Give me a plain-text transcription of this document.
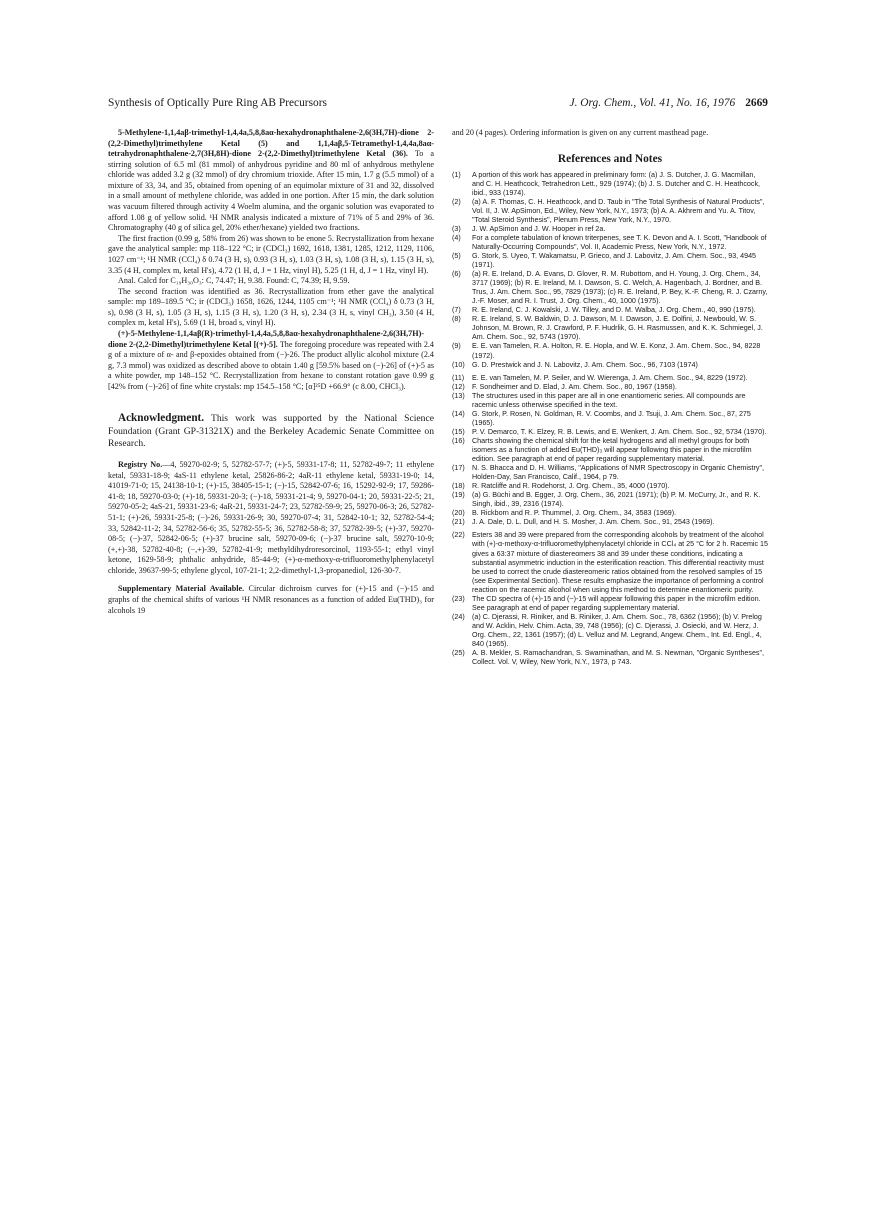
Synthesis of Optically Pure Ring AB Precursors	J. Org. Chem., Vol. 41, No. 16, 1976 2669

5-Methylene-1,1,4aβ-trimethyl-1,4,4a,5,8,8aα-hexahydronaphthalene-2,6(3H,7H)-dione 2-(2,2-Dimethyl)trimethylene Ketal (5) and 1,1,4aβ,5-Tetramethyl-1,4,4a,8aα-tetrahydronaphthalene-2,7(3H,8H)-dione 2-(2,2-Dimethyl)trimethylene Ketal (36). To a stirring solution of 6.5 ml (81 mmol) of anhydrous pyridine and 80 ml of anhydrous methylene chloride was added 3.2 g (32 mmol) of dry chromium trioxide. After 15 min, 1.7 g (5.5 mmol) of a mixture of 33, 34, and 35, obtained from opening of an equimolar mixture of 31 and 32, dissolved in a small amount of methylene chloride, was added in one portion. After 15 min, the dark solution was vacuum filtered through activity 4 Woelm alumina, and the organic solution was evaporated to afford 1.08 g of yellow solid. ¹H NMR analysis indicated a mixture of 71% of 5 and 29% of 36. Chromatography (40 g of silica gel, 20% ether/hexane) yielded two fractions.

The first fraction (0.99 g, 58% from 26) was shown to be enone 5. Recrystallization from hexane gave the analytical sample: mp 118–122 °C; ir (CDCl₃) 1692, 1618, 1381, 1285, 1212, 1129, 1106, 1027 cm⁻¹; ¹H NMR (CCl₄) δ 0.74 (3 H, s), 0.93 (3 H, s), 1.03 (3 H, s), 1.08 (3 H, s), 1.15 (3 H, s), 3.35 (4 H, complex m, ketal H's), 4.72 (1 H, d, J = 1 Hz, vinyl H), 5.25 (1 H, d, J = 1 Hz, vinyl H).

Anal. Calcd for C₁₉H₃₀O₃: C, 74.47; H, 9.38. Found: C, 74.39; H, 9.59.

The second fraction was identified as 36. Recrystallization from ether gave the analytical sample: mp 189–189.5 °C; ir (CDCl₃) 1658, 1626, 1244, 1105 cm⁻¹; ¹H NMR (CCl₄) δ 0.73 (3 H, s), 0.98 (3 H, s), 1.05 (3 H, s), 1.15 (3 H, s), 1.20 (3 H, s), 2.34 (3 H, s, vinyl CH₃), 3.50 (4 H, complex m, ketal H's), 5.69 (1 H, broad s, vinyl H).

(+)-5-Methylene-1,1,4aβ(R)-trimethyl-1,4,4a,5,8,8aα-hexahydronaphthalene-2,6(3H,7H)-dione 2-(2,2-Dimethyl)trimethylene Ketal [(+)-5]. The foregoing procedure was repeated with 2.4 g of a mixture of α- and β-epoxides obtained from (−)-26. The product allylic alcohol mixture (2.4 g, 7.3 mmol) was oxidized as described above to obtain 1.40 g [59.5% based on (−)-26] of (+)-5 as a white powder, mp 148–152 °C. Recrystallization from hexane to constant rotation gave 0.99 g [42% from (−)-26] of fine white crystals: mp 154.5–158 °C; [α]²⁵D +66.9° (c 8.00, CHCl₃).

Acknowledgment. This work was supported by the National Science Foundation (Grant GP-31321X) and the Berkeley Academic Senate Committee on Research.

Registry No.—4, 59270-02-9; 5, 52782-57-7; (+)-5, 59331-17-8; 11, 52782-49-7; 11 ethylene ketal, 59331-18-9; 4aS-11 ethylene ketal, 25826-86-2; 4aR-11 ethylene ketal, 59331-19-0; 14, 41019-71-0; 15, 24138-10-1; (+)-15, 38405-15-1; (−)-15, 52842-07-6; 16, 15292-92-9; 17, 59286-41-8; 18, 59270-03-0; (+)-18, 59331-20-3; (−)-18, 59331-21-4; 9, 59270-04-1; 20, 59331-22-5; 21, 59270-05-2; 4aS-21, 59331-23-6; 4aR-21, 59331-24-7; 23, 52782-59-9; 25, 59270-06-3; 26, 52782-51-1; (+)-26, 59331-25-8; (−)-26, 59331-26-9; 30, 59270-07-4; 31, 52842-10-1; 32, 52782-54-4; 33, 52842-11-2; 34, 52782-56-6; 35, 52782-55-5; 36, 52782-58-8; 37, 52782-39-5; (+)-37, 59270-08-5; (−)-37, 52842-06-5; (+)-37 brucine salt, 59270-09-6; (−)-37 brucine salt, 59270-10-9; (+,+)-38, 52782-40-8; (−,+)-39, 52782-41-9; methyldihydroresorcinol, 1193-55-1; ethyl vinyl ketone, 1629-58-9; phthalic anhydride, 85-44-9; (+)-α-methoxy-α-trifluoromethylphenylacetyl chloride, 39637-99-5; ethylene glycol, 107-21-1; 2,2-dimethyl-1,3-propanediol, 126-30-7.

Supplementary Material Available. Circular dichroism curves for (+)-15 and (−)-15 and graphs of the chemical shifts of various ¹H NMR resonances as a function of added Eu(THD)₃ for alcohols 19

and 20 (4 pages). Ordering information is given on any current masthead page.

References and Notes
(1)	A portion of this work has appeared in preliminary form: (a) J. S. Dutcher, J. G. Macmillan, and C. H. Heathcock, Tetrahedron Lett., 929 (1974); (b) J. S. Dutcher and C. H. Heathcock, ibid., 933 (1974).
(2)	(a) A. F. Thomas, C. H. Heathcock, and D. Taub in "The Total Synthesis of Natural Products", Vol. II, J. W. ApSimon, Ed., Wiley, New York, N.Y., 1973; (b) A. A. Akhrem and Yu. A. Titov, "Total Steroid Synthesis", Plenum Press, New York, N.Y., 1970.
(3)	J. W. ApSimon and J. W. Hooper in ref 2a.
(4)	For a complete tabulation of known triterpenes, see T. K. Devon and A. I. Scott, "Handbook of Naturally-Occurring Compounds", Vol. II, Academic Press, New York, N.Y., 1972.
(5)	G. Stork, S. Uyeo, T. Wakamatsu, P. Grieco, and J. Labovitz, J. Am. Chem. Soc., 93, 4945 (1971).
(6)	(a) R. E. Ireland, D. A. Evans, D. Glover, R. M. Rubottom, and H. Young, J. Org. Chem., 34, 3717 (1969); (b) R. E. Ireland, M. I. Dawson, S. C. Welch, A. Hagenbach, J. Bordner, and B. Trus, J. Am. Chem. Soc., 95, 7829 (1973); (c) R. E. Ireland, P. Bey, K.-F. Cheng, R. J. Czarny, J.-F. Moser, and R. I. Trust, J. Org. Chem., 40, 1000 (1975).
(7)	R. E. Ireland, C. J. Kowalski, J. W. Tilley, and D. M. Walba, J. Org. Chem., 40, 990 (1975).
(8)	R. E. Ireland, S. W. Baldwin, D. J. Dawson, M. I. Dawson, J. E. Dolfini, J. Newbould, W. S. Johnson, M. Brown, R. J. Crawford, P. F. Hudrlik, G. H. Rasmussen, and K. K. Schmiegel, J. Am. Chem. Soc., 92, 5743 (1970).
(9)	E. E. van Tamelen, R. A. Holton, R. E. Hopla, and W. E. Konz, J. Am. Chem. Soc., 94, 8228 (1972).
(10)	G. D. Prestwick and J. N. Labovitz, J. Am. Chem. Soc., 96, 7103 (1974)
(11)	E. E. van Tamelen, M. P. Seiler, and W. Wierenga, J. Am. Chem. Soc., 94, 8229 (1972).
(12)	F. Sondheimer and D. Elad, J. Am. Chem. Soc., 80, 1967 (1958).
(13)	The structures used in this paper are all in one enantiomeric series. All compounds are racemic unless otherwise specified in the text.
(14)	G. Stork, P. Rosen, N. Goldman, R. V. Coombs, and J. Tsuji, J. Am. Chem. Soc., 87, 275 (1965).
(15)	P. V. Demarco, T. K. Elzey, R. B. Lewis, and E. Wenkert, J. Am. Chem. Soc., 92, 5734 (1970).
(16)	Charts showing the chemical shift for the ketal hydrogens and all methyl groups for both isomers as a function of added Eu(THD)₃ will appear following this paper in the microfilm edition. See paragraph at end of paper regarding supplementary material.
(17)	N. S. Bhacca and D. H. Williams, "Applications of NMR Spectroscopy in Organic Chemistry", Holden-Day, San Francisco, Calif., 1964, p 79.
(18)	R. Ratcliffe and R. Rodehorst, J. Org. Chem., 35, 4000 (1970).
(19)	(a) G. Büchi and B. Egger, J. Org. Chem., 36, 2021 (1971); (b) P. M. McCurry, Jr., and R. K. Singh, ibid., 39, 2316 (1974).
(20)	B. Rickborn and R. P. Thummel, J. Org. Chem., 34, 3583 (1969).
(21)	J. A. Dale, D. L. Dull, and H. S. Mosher, J. Am. Chem. Soc., 91, 2543 (1969).
(22)	Esters 38 and 39 were prepared from the corresponding alcohols by treatment of the alcohol with (+)-α-methoxy-α-trifluoromethylphenylacetyl chloride in CCl₄ at 25 °C for 2 h. Racemic 15 gives a 63:37 mixture of diastereomers 38 and 39 under these conditions, indicating a substantial asymmetric induction in the esterification reaction. This differential reactivity must be used to correct the crude diastereomeric ratios obtained from the resolved samples of 15 (see Experimental Section). These results emphasize the importance of performing a control reaction on the racemic alcohol when using this method to determine enantiomeric purity.
(23)	The CD spectra of (+)-15 and (−)-15 will appear following this paper in the microfilm edition. See paragraph at end of paper regarding supplementary material.
(24)	(a) C. Djerassi, R. Riniker, and B. Riniker, J. Am. Chem. Soc., 78, 6362 (1956); (b) V. Prelog and W. Acklin, Helv. Chim. Acta, 39, 748 (1956); (c) C. Djerassi, J. Osiecki, and W. Herz, J. Org. Chem., 22, 1361 (1957); (d) L. Velluz and M. Legrand, Angew. Chem., Int. Ed. Engl., 4, 840 (1965).
(25)	A. B. Mekler, S. Ramachandran, S. Swaminathan, and M. S. Newman, "Organic Syntheses", Collect. Vol. V, Wiley, New York, N.Y., 1973, p 743.
